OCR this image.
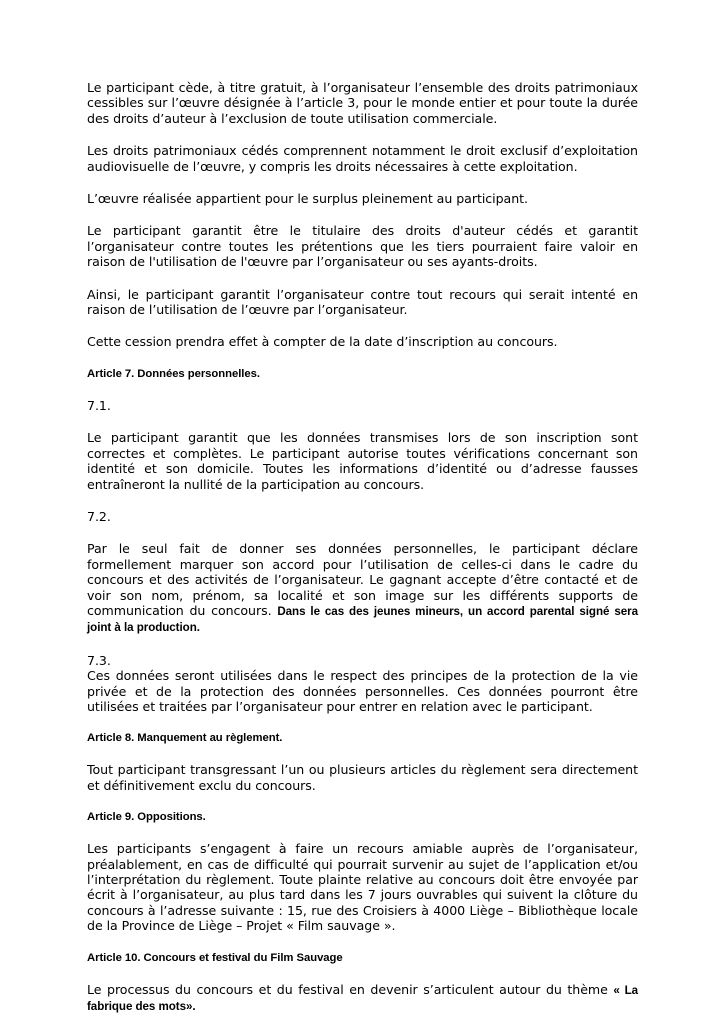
Le participant cède, à titre gratuit, à l’organisateur l’ensemble des droits patrimoniaux cessibles sur l’œuvre désignée à l’article 3, pour le monde entier et pour toute la durée des droits d’auteur à l’exclusion de toute utilisation commerciale.

Les droits patrimoniaux cédés comprennent notamment le droit exclusif d’exploitation audiovisuelle de l’œuvre, y compris les droits nécessaires à cette exploitation.

L’œuvre réalisée appartient pour le surplus pleinement au participant.

Le participant garantit être le titulaire des droits d'auteur cédés et garantit l’organisateur contre toutes les prétentions que les tiers pourraient faire valoir en raison de l'utilisation de l'œuvre par l’organisateur ou ses ayants-droits.

Ainsi, le participant garantit l’organisateur contre tout recours qui serait intenté en raison de l’utilisation de l’œuvre par l’organisateur.

Cette cession prendra effet à compter de la date d’inscription au concours.

Article 7. Données personnelles.

7.1.

Le participant garantit que les données transmises lors de son inscription sont correctes et complètes. Le participant autorise toutes vérifications concernant son identité et son domicile. Toutes les informations d’identité ou d’adresse fausses entraîneront la nullité de la participation au concours.

7.2.

Par le seul fait de donner ses données personnelles, le participant déclare formellement marquer son accord pour l’utilisation de celles-ci dans le cadre du concours et des activités de l’organisateur. Le gagnant accepte d’être contacté et de voir son nom, prénom, sa localité et son image sur les différents supports de communication du concours. Dans le cas des jeunes mineurs, un accord parental signé sera joint à la production.

7.3.

Ces données seront utilisées dans le respect des principes de la protection de la vie privée et de la protection des données personnelles. Ces données pourront être utilisées et traitées par l’organisateur pour entrer en relation avec le participant.

Article 8. Manquement au règlement.

Tout participant transgressant l’un ou plusieurs articles du règlement sera directement et définitivement exclu du concours.

Article 9. Oppositions.

Les participants s’engagent à faire un recours amiable auprès de l’organisateur, préalablement, en cas de difficulté qui pourrait survenir au sujet de l’application et/ou l’interprétation du règlement. Toute plainte relative au concours doit être envoyée par écrit à l’organisateur, au plus tard dans les 7 jours ouvrables qui suivent la clôture du concours à l’adresse suivante : 15, rue des Croisiers à 4000 Liège – Bibliothèque locale de la Province de Liège – Projet « Film sauvage ».

Article 10. Concours et festival du Film Sauvage

Le processus du concours et du festival en devenir s’articulent autour du thème « La fabrique des mots».
